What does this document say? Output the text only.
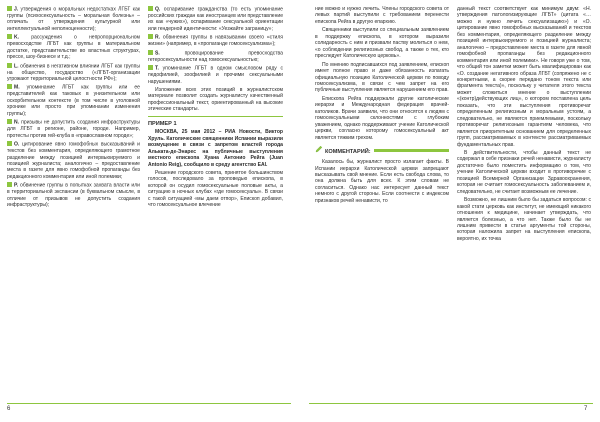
J. утверждения о моральных недостатках ЛГБТ как группы (психосексуальность – моральная болезнь» – отличать от утверждения культурной или интеллектуальной неполноценности);

K. рассуждения о непропорциональном превосходстве ЛГБТ как группы в материальном достатке, представительстве во властных структурах, прессе, шоу-бизнесе и т.д.;

L. обвинения в негативном влиянии ЛГБТ как группы на общество, государство («ЛГБТ-организации угрожают территориальной целостности РФ»);

M. упоминание ЛГБТ как группы или ее представителей как таковых в унизительном или оскорбительном контексте (в том числе в уголовной хронике или просто при упоминании изменения группы);

N. призывы не допустить создания инфраструктуры для ЛГБТ в регионе, районе, городе. Например, протесты против гей-клуба в «православном городе»;

O. цитирование явно гомофобных высказываний и текстов без комментария, определяющего грамотное разделение между позицией интервьюируемого и позицией журналиста; аналогично – предоставление места в газете для явно гомофобной пропаганды без редакционного комментария или иной полемики;

P. обвинение группы в попытках захвата власти или в территориальной экспансии (в буквальном смысле, в отличие от призывов не допустить создания инфраструктуры);

Q. оспаривание гражданства (то есть упоминание российских граждан как иностранцев или представление их как «чужих»), оспаривание сексуальной ориентации или гендерной идентичности: «Уезжайте заграницу»;

R. обвинения группы в навязывании своего «стиля жизни» (например, в «пропаганде гомосексуализма»);

S.	провоцирование превосходства гетеросексуальности над гомосексуальностью;

T. упоминание ЛГБТ в одном смысловом ряду с педофилией, зоофилией и прочими сексуальными нарушениями.

Изложение всех этих позиций в журналистском материале позволит создать журналисту качественный профессиональный текст, ориентированный на высокие этические стандарты.

ПРИМЕР 1

МОСКВА, 25 мая 2012 – РИА Новости, Виктор Хруль. Католические священники Испании выразили возмущение в связи с запретом властей города Альката-де-Энарес на публичные выступления местного епископа Хуана Антонио Рейга (Juan Antonio Reig), сообщило в среду агентство EAI.

Решение городского совета, принятое большинством голосов, последовало за проповедью епископа, в которой он осудил гомосексуальные половые акты, а ситуацию в ночных клубах «где гомосексуалы». В связи с такой ситуацией «мы даем отпор», Епископ добавил, что гомосексуальное влечение

6

ние можно и нужно лечить. Члены городского совета от левых партий выступили с требованием перенести епископа Рейга в другую епархию.

Священники выступили со специальным заявлением в поддержку епископа, в котором выразили солидарность с ним и призвали паству молиться о нем, «о соблюдении религиозных свобод, а также о тех, кто преследует Католическую церковь».

По мнению подписавшихся под заявлением, епископ имеет полное право и даже обязанность излагать официальную позицию Католической церкви по поводу гомосексуализма, в связи с чем запрет на его публичные выступления является нарушением его прав.

Епископа Рейга поддержали другие католические иерархи и Международная федерация врачей-католиков. Врачи заявили, что они относятся к людям с гомосексуальными склонностями с глубоким уважением, однако поддерживают учение Католической церкви, согласно которому гомосексуальный акт является тяжким грехом.

КОММЕНТАРИЙ:

Казалось бы, журналист просто излагает факты. В Испании иерархи Католической церкви запрещают высказывать свой мнение. Если есть свобода слова, то она должна быть для всех. К этим словам не согласиться. Однако нас интересует данный текст немного с другой стороны. Если соотнести с индексом признаков речей ненависти, то

данный текст соответствует как минимум двум: «Н. утверждения патологизирующие ЛГБТ» (цитата «… можно и нужно лечить сексуализацию») и «O. цитирование явно гомофобных высказываний и текстов без комментария, определяющего разделение между позицией интервьюируемого и позицией журналиста; аналогично – предоставление места в газете для явной гомофобной пропаганды без редакционного комментария или иной полемики». Не говоря уже о том, что общий тон заметки может быть квалифицирован как «О. создание негативного образа ЛГБТ (сопряжено не с конкретными, а скорее передано тоном текста или фрагмента текста)», поскольку у читателя этого текста может сложиться мнение о выступлении «(контр)действующих лиц», о котором поставлена цель показать, что эти выступления противоречат определенным религиозным и моральным устоям, а следовательно, не являются приемлемыми, поскольку противоречат религиозным гарантиям человека, что является приоритетным основанием для определенных групп, рассматриваемых в контексте рассматриваемых фундаментальных прав.

В действительности, чтобы данный текст не содержал в себе признаки речей ненависти, журналисту достаточно было поместить информацию о том, что учение Католической церкви входит в противоречие с позицией Всемирной Организации Здравоохранения, которая не считает гомосексуальность заболеванием и, следовательно, не считает возможным ее лечение.

Возможно, не лишним было бы задаться вопросом: с какой стати церковь как институт, не имеющий никакого отношения к медицине, начинает утверждать, что является болезнью, а что нет. Также было бы не лишним привести в статье аргументы той стороны, которая наложила запрет на выступления епископа, вероятно, их точка

7
